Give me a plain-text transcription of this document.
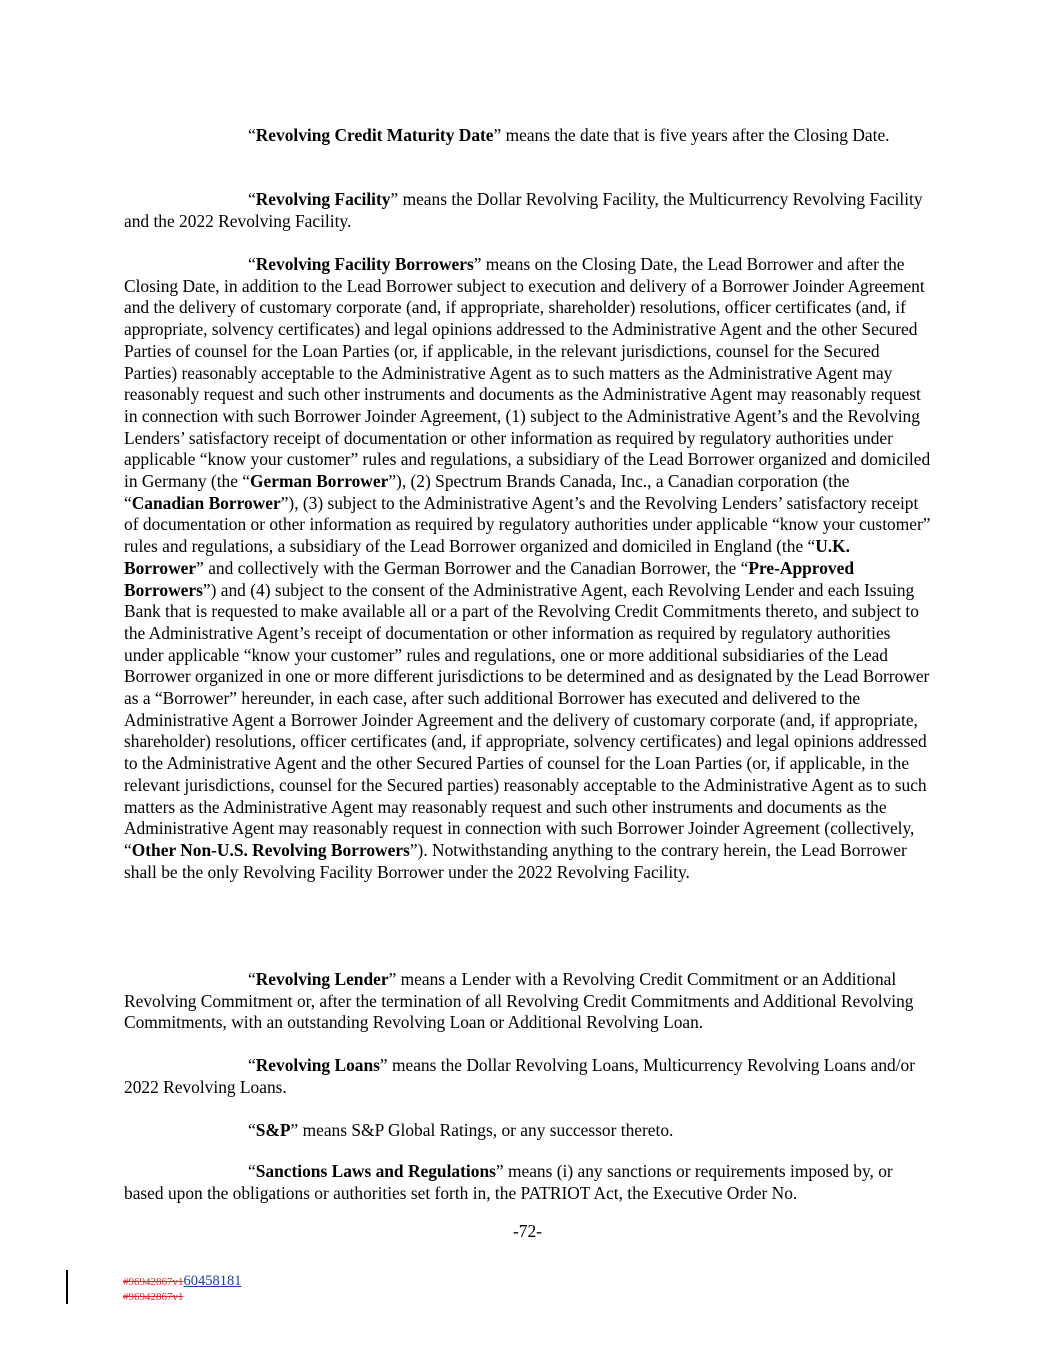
“Revolving Credit Maturity Date” means the date that is five years after the Closing Date.

“Revolving Facility” means the Dollar Revolving Facility, the Multicurrency Revolving Facility and the 2022 Revolving Facility.

“Revolving Facility Borrowers” means on the Closing Date, the Lead Borrower and after the Closing Date, in addition to the Lead Borrower subject to execution and delivery of a Borrower Joinder Agreement and the delivery of customary corporate (and, if appropriate, shareholder) resolutions, officer certificates (and, if appropriate, solvency certificates) and legal opinions addressed to the Administrative Agent and the other Secured Parties of counsel for the Loan Parties (or, if applicable, in the relevant jurisdictions, counsel for the Secured Parties) reasonably acceptable to the Administrative Agent as to such matters as the Administrative Agent may reasonably request and such other instruments and documents as the Administrative Agent may reasonably request in connection with such Borrower Joinder Agreement, (1) subject to the Administrative Agent’s and the Revolving Lenders’ satisfactory receipt of documentation or other information as required by regulatory authorities under applicable “know your customer” rules and regulations, a subsidiary of the Lead Borrower organized and domiciled in Germany (the “German Borrower”), (2) Spectrum Brands Canada, Inc., a Canadian corporation (the “Canadian Borrower”), (3) subject to the Administrative Agent’s and the Revolving Lenders’ satisfactory receipt of documentation or other information as required by regulatory authorities under applicable “know your customer” rules and regulations, a subsidiary of the Lead Borrower organized and domiciled in England (the “U.K. Borrower” and collectively with the German Borrower and the Canadian Borrower, the “Pre-Approved Borrowers”) and (4) subject to the consent of the Administrative Agent, each Revolving Lender and each Issuing Bank that is requested to make available all or a part of the Revolving Credit Commitments thereto, and subject to the Administrative Agent’s receipt of documentation or other information as required by regulatory authorities under applicable “know your customer” rules and regulations, one or more additional subsidiaries of the Lead Borrower organized in one or more different jurisdictions to be determined and as designated by the Lead Borrower as a “Borrower” hereunder, in each case, after such additional Borrower has executed and delivered to the Administrative Agent a Borrower Joinder Agreement and the delivery of customary corporate (and, if appropriate, shareholder) resolutions, officer certificates (and, if appropriate, solvency certificates) and legal opinions addressed to the Administrative Agent and the other Secured Parties of counsel for the Loan Parties (or, if applicable, in the relevant jurisdictions, counsel for the Secured parties) reasonably acceptable to the Administrative Agent as to such matters as the Administrative Agent may reasonably request and such other instruments and documents as the Administrative Agent may reasonably request in connection with such Borrower Joinder Agreement (collectively, “Other Non-U.S. Revolving Borrowers”). Notwithstanding anything to the contrary herein, the Lead Borrower shall be the only Revolving Facility Borrower under the 2022 Revolving Facility.

“Revolving Lender” means a Lender with a Revolving Credit Commitment or an Additional Revolving Commitment or, after the termination of all Revolving Credit Commitments and Additional Revolving Commitments, with an outstanding Revolving Loan or Additional Revolving Loan.

“Revolving Loans” means the Dollar Revolving Loans, Multicurrency Revolving Loans and/or 2022 Revolving Loans.

“S&P” means S&P Global Ratings, or any successor thereto.

“Sanctions Laws and Regulations” means (i) any sanctions or requirements imposed by, or based upon the obligations or authorities set forth in, the PATRIOT Act, the Executive Order No.

-72-
#96942867v160458181
#96942867v1
